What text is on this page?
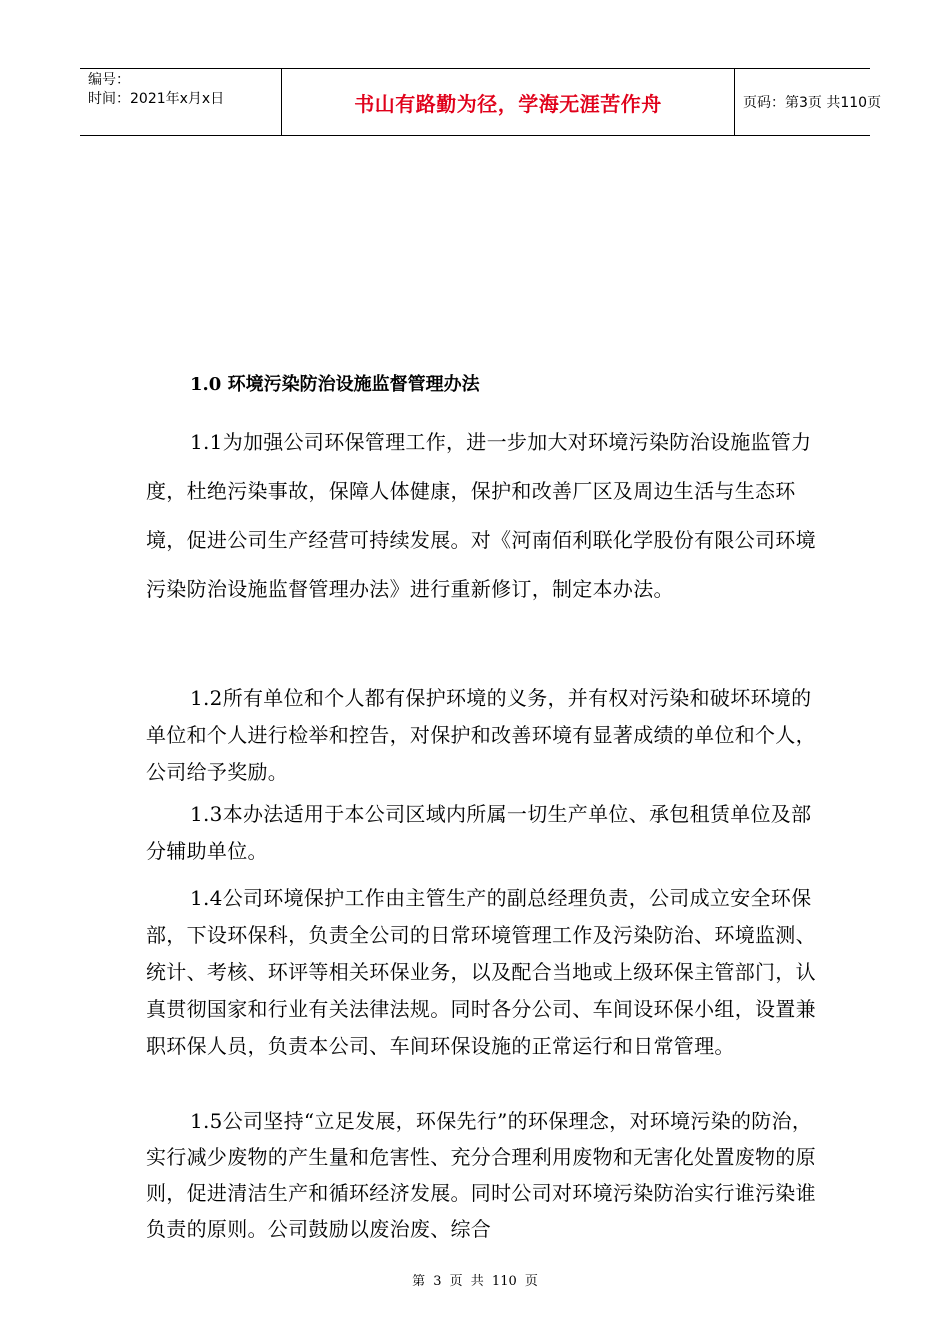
编号：
时间：2021年x月x日	书山有路勤为径，学海无涯苦作舟	页码：第3页 共110页
1.0 环境污染防治设施监督管理办法

1.1为加强公司环保管理工作，进一步加大对环境污染防治设施监管力度，杜绝污染事故，保障人体健康，保护和改善厂区及周边生活与生态环境，促进公司生产经营可持续发展。对《河南佰利联化学股份有限公司环境污染防治设施监督管理办法》进行重新修订，制定本办法。

1.2所有单位和个人都有保护环境的义务，并有权对污染和破坏环境的单位和个人进行检举和控告，对保护和改善环境有显著成绩的单位和个人，公司给予奖励。

1.3本办法适用于本公司区域内所属一切生产单位、承包租赁单位及部分辅助单位。

1.4公司环境保护工作由主管生产的副总经理负责，公司成立安全环保部，下设环保科，负责全公司的日常环境管理工作及污染防治、环境监测、统计、考核、环评等相关环保业务，以及配合当地或上级环保主管部门，认真贯彻国家和行业有关法律法规。同时各分公司、车间设环保小组，设置兼职环保人员，负责本公司、车间环保设施的正常运行和日常管理。

1.5公司坚持“立足发展，环保先行”的环保理念，对环境污染的防治，实行减少废物的产生量和危害性、充分合理利用废物和无害化处置废物的原则，促进清洁生产和循环经济发展。同时公司对环境污染防治实行谁污染谁负责的原则。公司鼓励以废治废、综合

第 3 页 共 110 页
